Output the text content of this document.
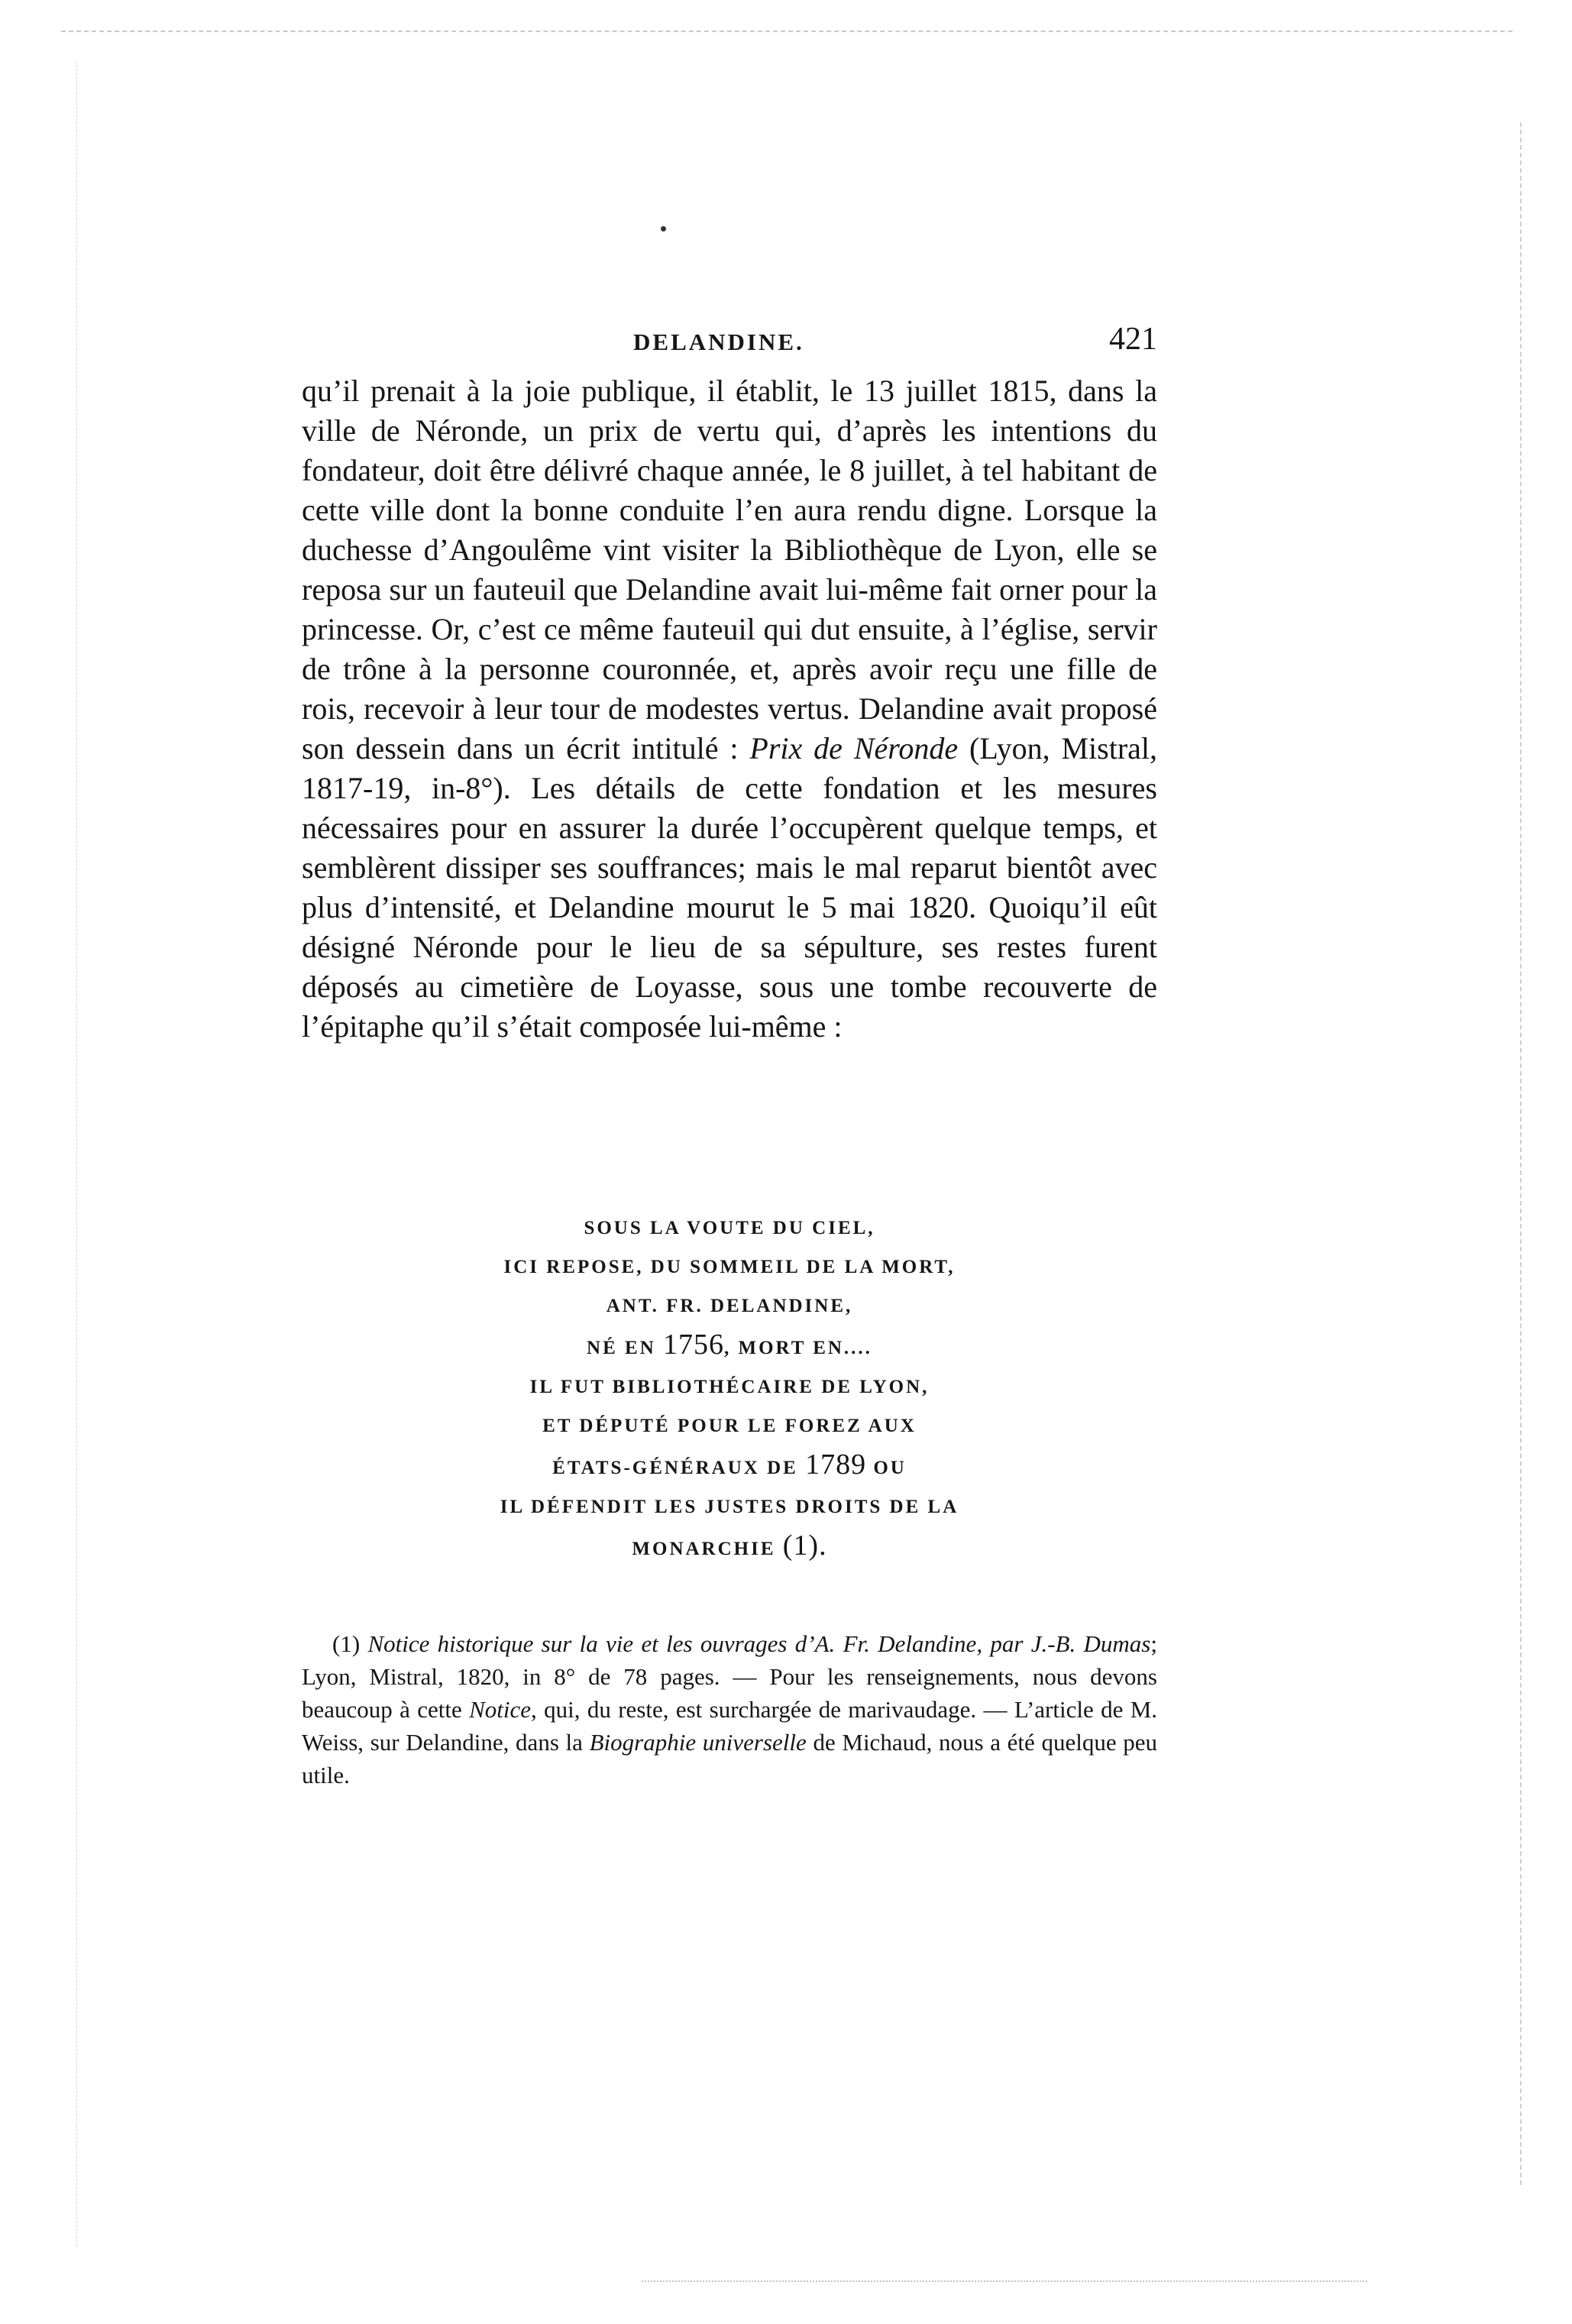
DELANDINE.	421

qu’il prenait à la joie publique, il établit, le 13 juillet 1815, dans la ville de Néronde, un prix de vertu qui, d’après les intentions du fondateur, doit être délivré chaque année, le 8 juillet, à tel habitant de cette ville dont la bonne conduite l’en aura rendu digne. Lorsque la duchesse d’Angoulême vint visiter la Bibliothèque de Lyon, elle se reposa sur un fauteuil que Delandine avait lui-même fait orner pour la princesse. Or, c’est ce même fauteuil qui dut ensuite, à l’église, servir de trône à la personne couronnée, et, après avoir reçu une fille de rois, recevoir à leur tour de modestes vertus. Delandine avait proposé son dessein dans un écrit intitulé : Prix de Néronde (Lyon, Mistral, 1817-19, in-8°). Les détails de cette fondation et les mesures nécessaires pour en assurer la durée l’occupèrent quelque temps, et semblèrent dissiper ses souffrances; mais le mal reparut bientôt avec plus d’intensité, et Delandine mourut le 5 mai 1820. Quoiqu’il eût désigné Néronde pour le lieu de sa sépulture, ses restes furent déposés au cimetière de Loyasse, sous une tombe recouverte de l’épitaphe qu’il s’était composée lui-même :

SOUS LA VOUTE DU CIEL,
ICI REPOSE, DU SOMMEIL DE LA MORT,
ANT. FR. DELANDINE,
NÉ EN 1756, MORT EN....
IL FUT BIBLIOTHÉCAIRE DE LYON,
ET DÉPUTÉ POUR LE FOREZ AUX
ÉTATS-GÉNÉRAUX DE 1789 OU
IL DÉFENDIT LES JUSTES DROITS DE LA
MONARCHIE (1).

(1) Notice historique sur la vie et les ouvrages d’A. Fr. Delandine, par J.-B. Dumas; Lyon, Mistral, 1820, in 8° de 78 pages. — Pour les renseignements, nous devons beaucoup à cette Notice, qui, du reste, est surchargée de marivaudage. — L’article de M. Weiss, sur Delandine, dans la Biographie universelle de Michaud, nous a été quelque peu utile.
